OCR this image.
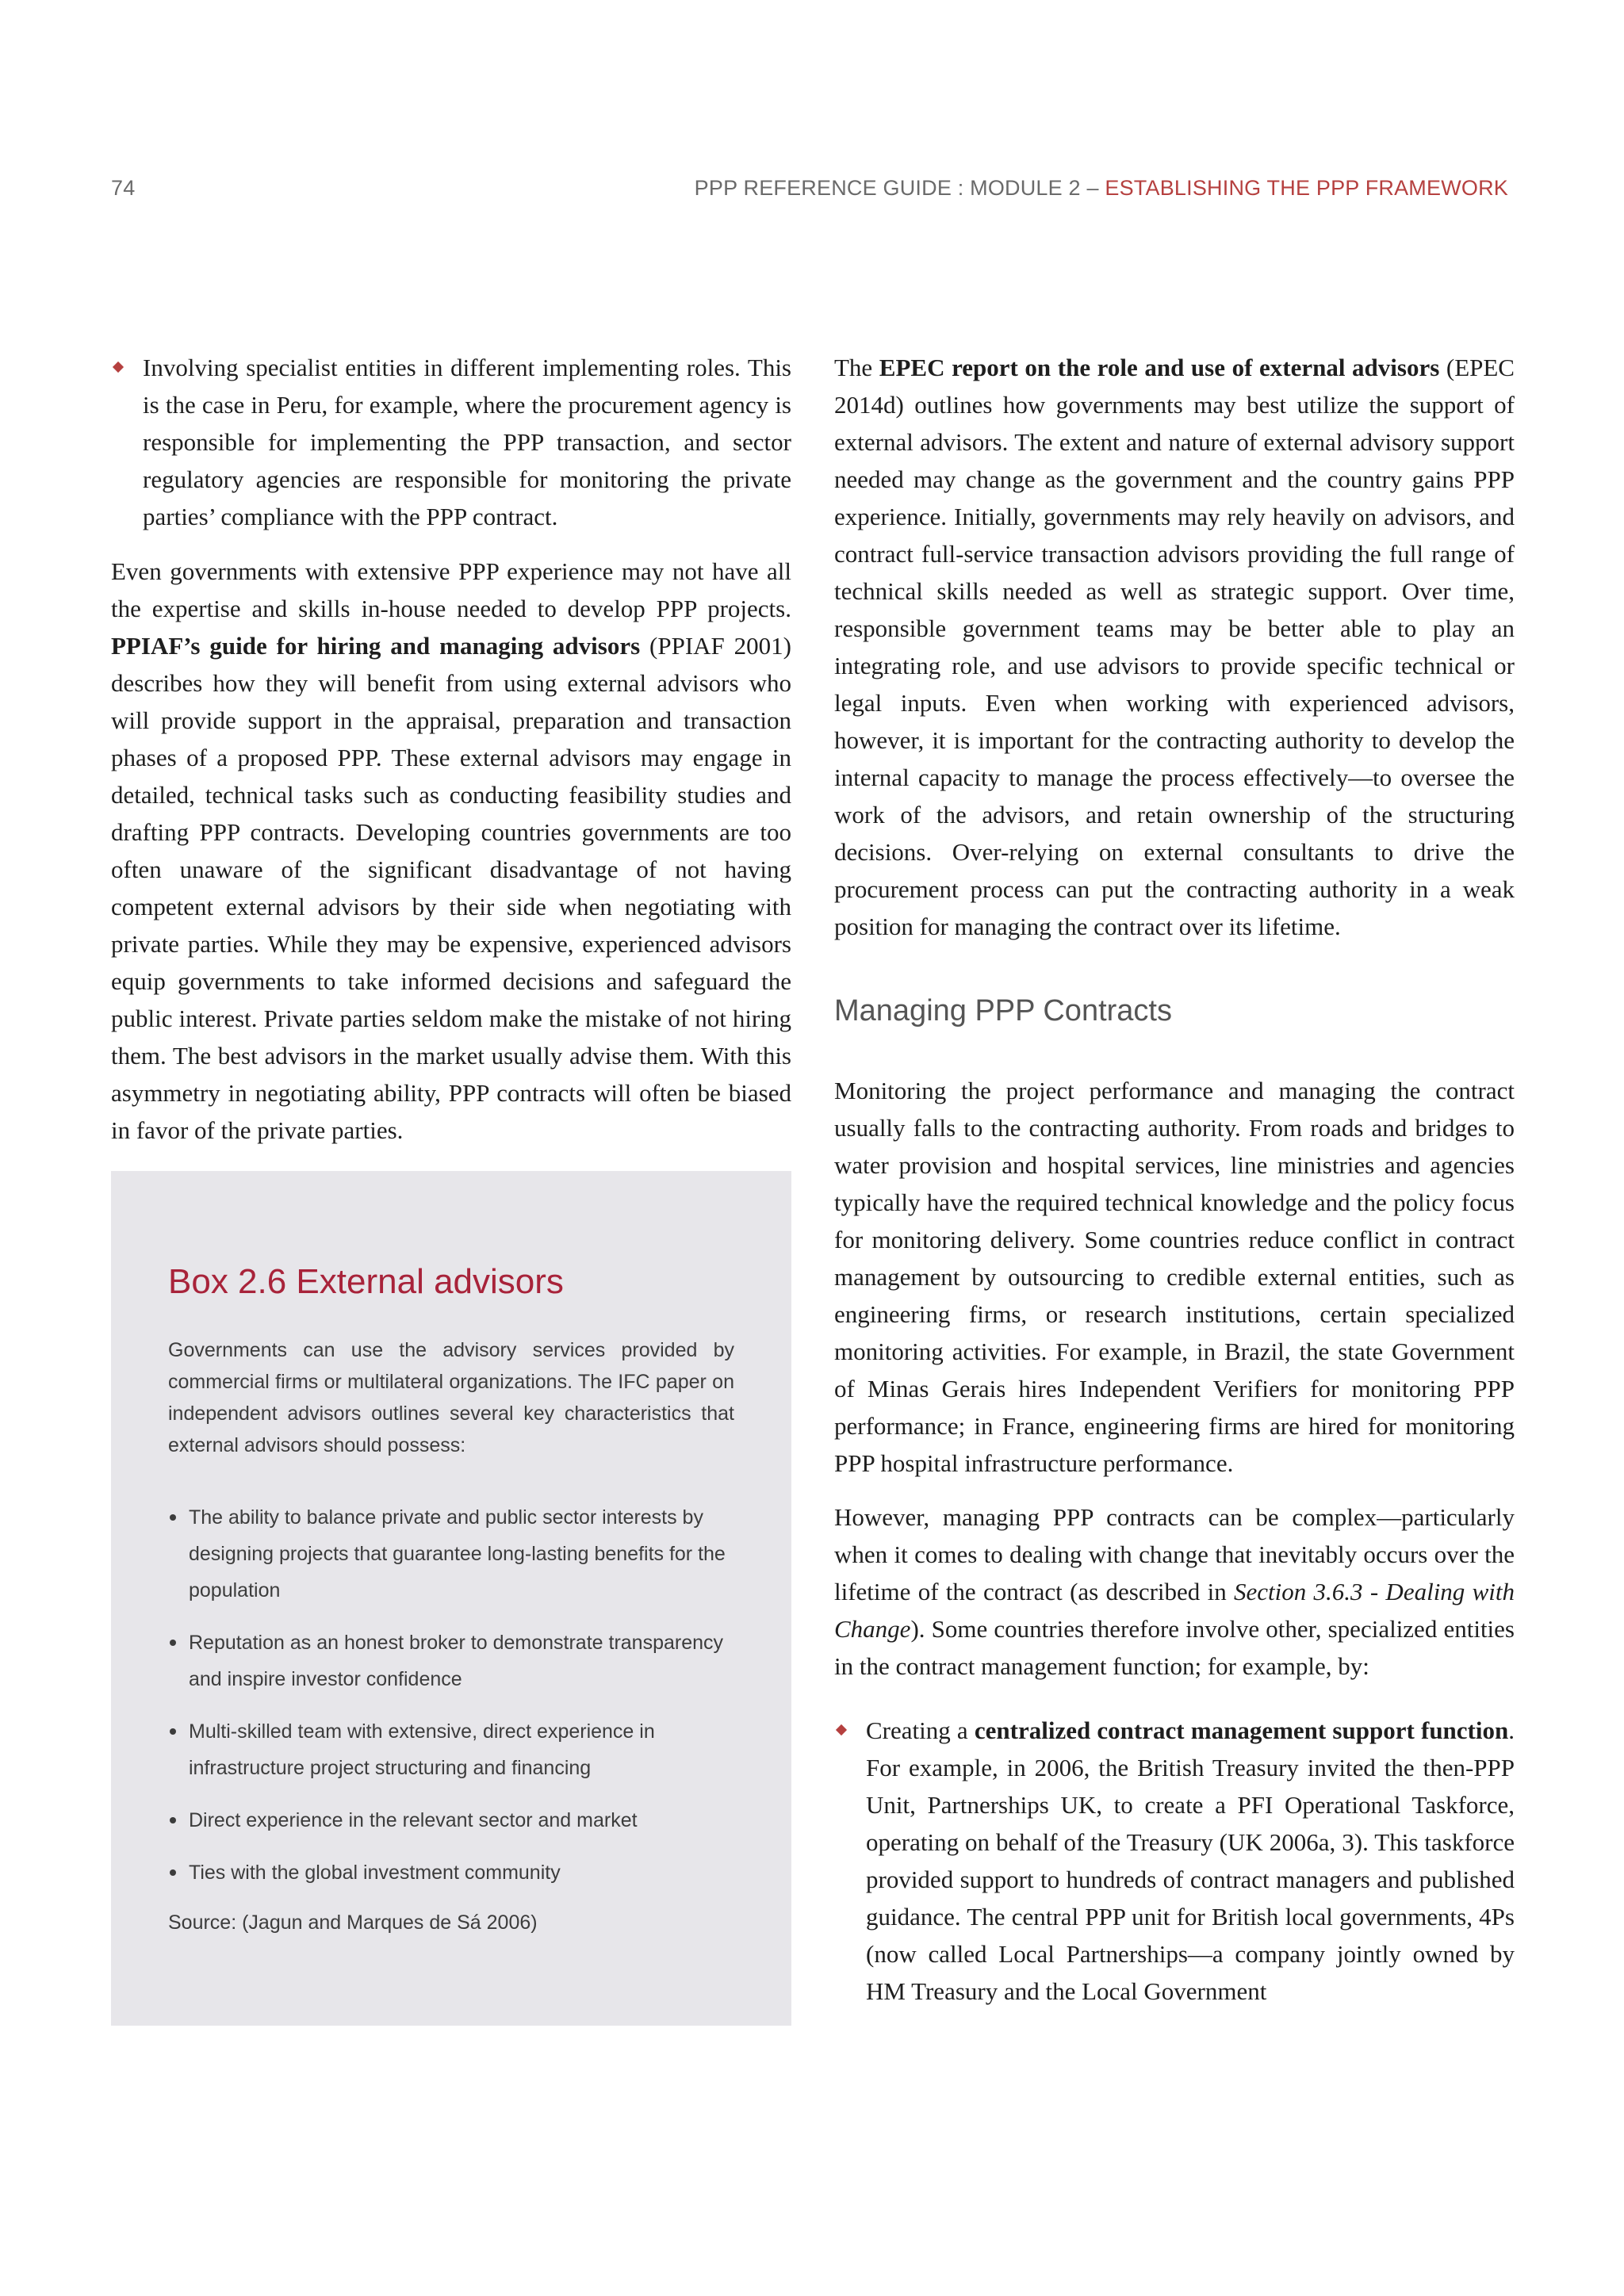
74	PPP REFERENCE GUIDE : MODULE 2 – ESTABLISHING THE PPP FRAMEWORK
Involving specialist entities in different implementing roles. This is the case in Peru, for example, where the procurement agency is responsible for implementing the PPP transaction, and sector regulatory agencies are responsible for monitoring the private parties’ compliance with the PPP contract.

Even governments with extensive PPP experience may not have all the expertise and skills in-house needed to develop PPP projects. PPIAF’s guide for hiring and managing advisors (PPIAF 2001) describes how they will benefit from using external advisors who will provide support in the appraisal, preparation and transaction phases of a proposed PPP. These external advisors may engage in detailed, technical tasks such as conducting feasibility studies and drafting PPP contracts. Developing countries governments are too often unaware of the significant disadvantage of not having competent external advisors by their side when negotiating with private parties. While they may be expensive, experienced advisors equip governments to take informed decisions and safeguard the public interest. Private parties seldom make the mistake of not hiring them. The best advisors in the market usually advise them. With this asymmetry in negotiating ability, PPP contracts will often be biased in favor of the private parties.

Box 2.6 External advisors

Governments can use the advisory services provided by commercial firms or multilateral organizations. The IFC paper on independent advisors outlines several key characteristics that external advisors should possess:

The ability to balance private and public sector interests by designing projects that guarantee long-lasting benefits for the population
Reputation as an honest broker to demonstrate transparency and inspire investor confidence
Multi-skilled team with extensive, direct experience in infrastructure project structuring and financing
Direct experience in the relevant sector and market
Ties with the global investment community

Source: (Jagun and Marques de Sá 2006)

The EPEC report on the role and use of external advisors (EPEC 2014d) outlines how governments may best utilize the support of external advisors. The extent and nature of external advisory support needed may change as the government and the country gains PPP experience. Initially, governments may rely heavily on advisors, and contract full-service transaction advisors providing the full range of technical skills needed as well as strategic support. Over time, responsible government teams may be better able to play an integrating role, and use advisors to provide specific technical or legal inputs. Even when working with experienced advisors, however, it is important for the contracting authority to develop the internal capacity to manage the process effectively—to oversee the work of the advisors, and retain ownership of the structuring decisions. Over-relying on external consultants to drive the procurement process can put the contracting authority in a weak position for managing the contract over its lifetime.

Managing PPP Contracts

Monitoring the project performance and managing the contract usually falls to the contracting authority. From roads and bridges to water provision and hospital services, line ministries and agencies typically have the required technical knowledge and the policy focus for monitoring delivery. Some countries reduce conflict in contract management by outsourcing to credible external entities, such as engineering firms, or research institutions, certain specialized monitoring activities. For example, in Brazil, the state Government of Minas Gerais hires Independent Verifiers for monitoring PPP performance; in France, engineering firms are hired for monitoring PPP hospital infrastructure performance.

However, managing PPP contracts can be complex—particularly when it comes to dealing with change that inevitably occurs over the lifetime of the contract (as described in Section 3.6.3 - Dealing with Change). Some countries therefore involve other, specialized entities in the contract management function; for example, by:

Creating a centralized contract management support function. For example, in 2006, the British Treasury invited the then-PPP Unit, Partnerships UK, to create a PFI Operational Taskforce, operating on behalf of the Treasury (UK 2006a, 3). This taskforce provided support to hundreds of contract managers and published guidance. The central PPP unit for British local governments, 4Ps (now called Local Partnerships—a company jointly owned by HM Treasury and the Local Government
